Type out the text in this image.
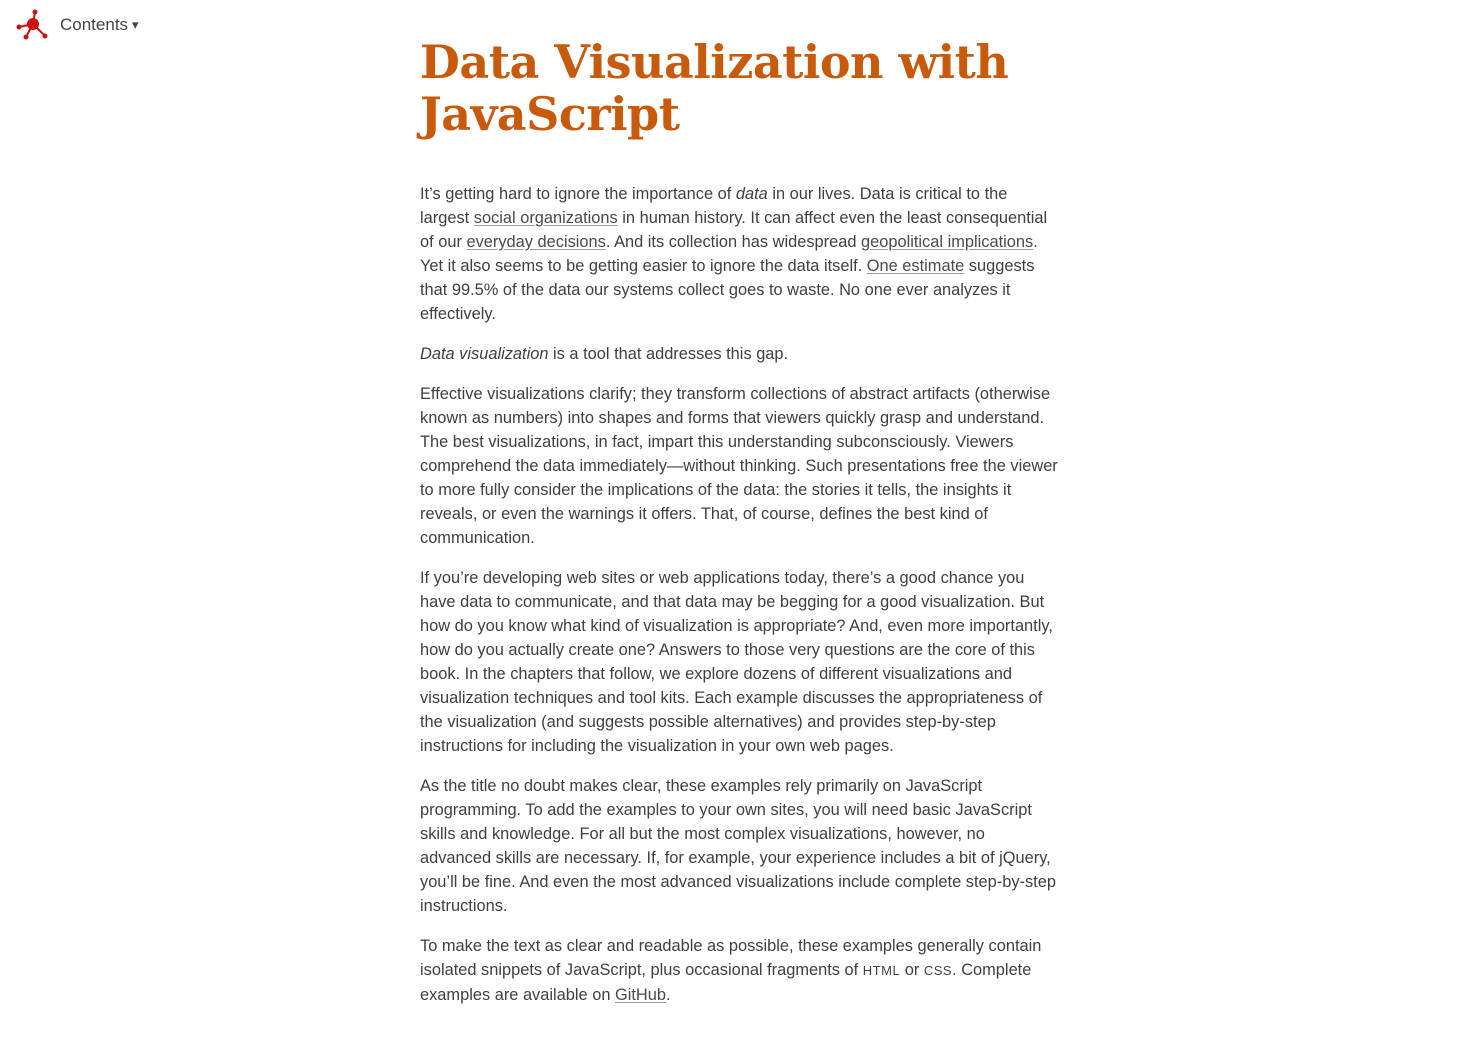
Contents ▾
Data Visualization with JavaScript

It’s getting hard to ignore the importance of data in our lives. Data is critical to the largest social organizations in human history. It can affect even the least consequential of our everyday decisions. And its collection has widespread geopolitical implications. Yet it also seems to be getting easier to ignore the data itself. One estimate suggests that 99.5% of the data our systems collect goes to waste. No one ever analyzes it effectively.

Data visualization is a tool that addresses this gap.

Effective visualizations clarify; they transform collections of abstract artifacts (otherwise known as numbers) into shapes and forms that viewers quickly grasp and understand. The best visualizations, in fact, impart this understanding subconsciously. Viewers comprehend the data immediately—without thinking. Such presentations free the viewer to more fully consider the implications of the data: the stories it tells, the insights it reveals, or even the warnings it offers. That, of course, defines the best kind of communication.

If you’re developing web sites or web applications today, there’s a good chance you have data to communicate, and that data may be begging for a good visualization. But how do you know what kind of visualization is appropriate? And, even more importantly, how do you actually create one? Answers to those very questions are the core of this book. In the chapters that follow, we explore dozens of different visualizations and visualization techniques and tool kits. Each example discusses the appropriateness of the visualization (and suggests possible alternatives) and provides step-by-step instructions for including the visualization in your own web pages.

As the title no doubt makes clear, these examples rely primarily on JavaScript programming. To add the examples to your own sites, you will need basic JavaScript skills and knowledge. For all but the most complex visualizations, however, no advanced skills are necessary. If, for example, your experience includes a bit of jQuery, you’ll be fine. And even the most advanced visualizations include complete step-by-step instructions.

To make the text as clear and readable as possible, these examples generally contain isolated snippets of JavaScript, plus occasional fragments of HTML or CSS. Complete examples are available on GitHub.
